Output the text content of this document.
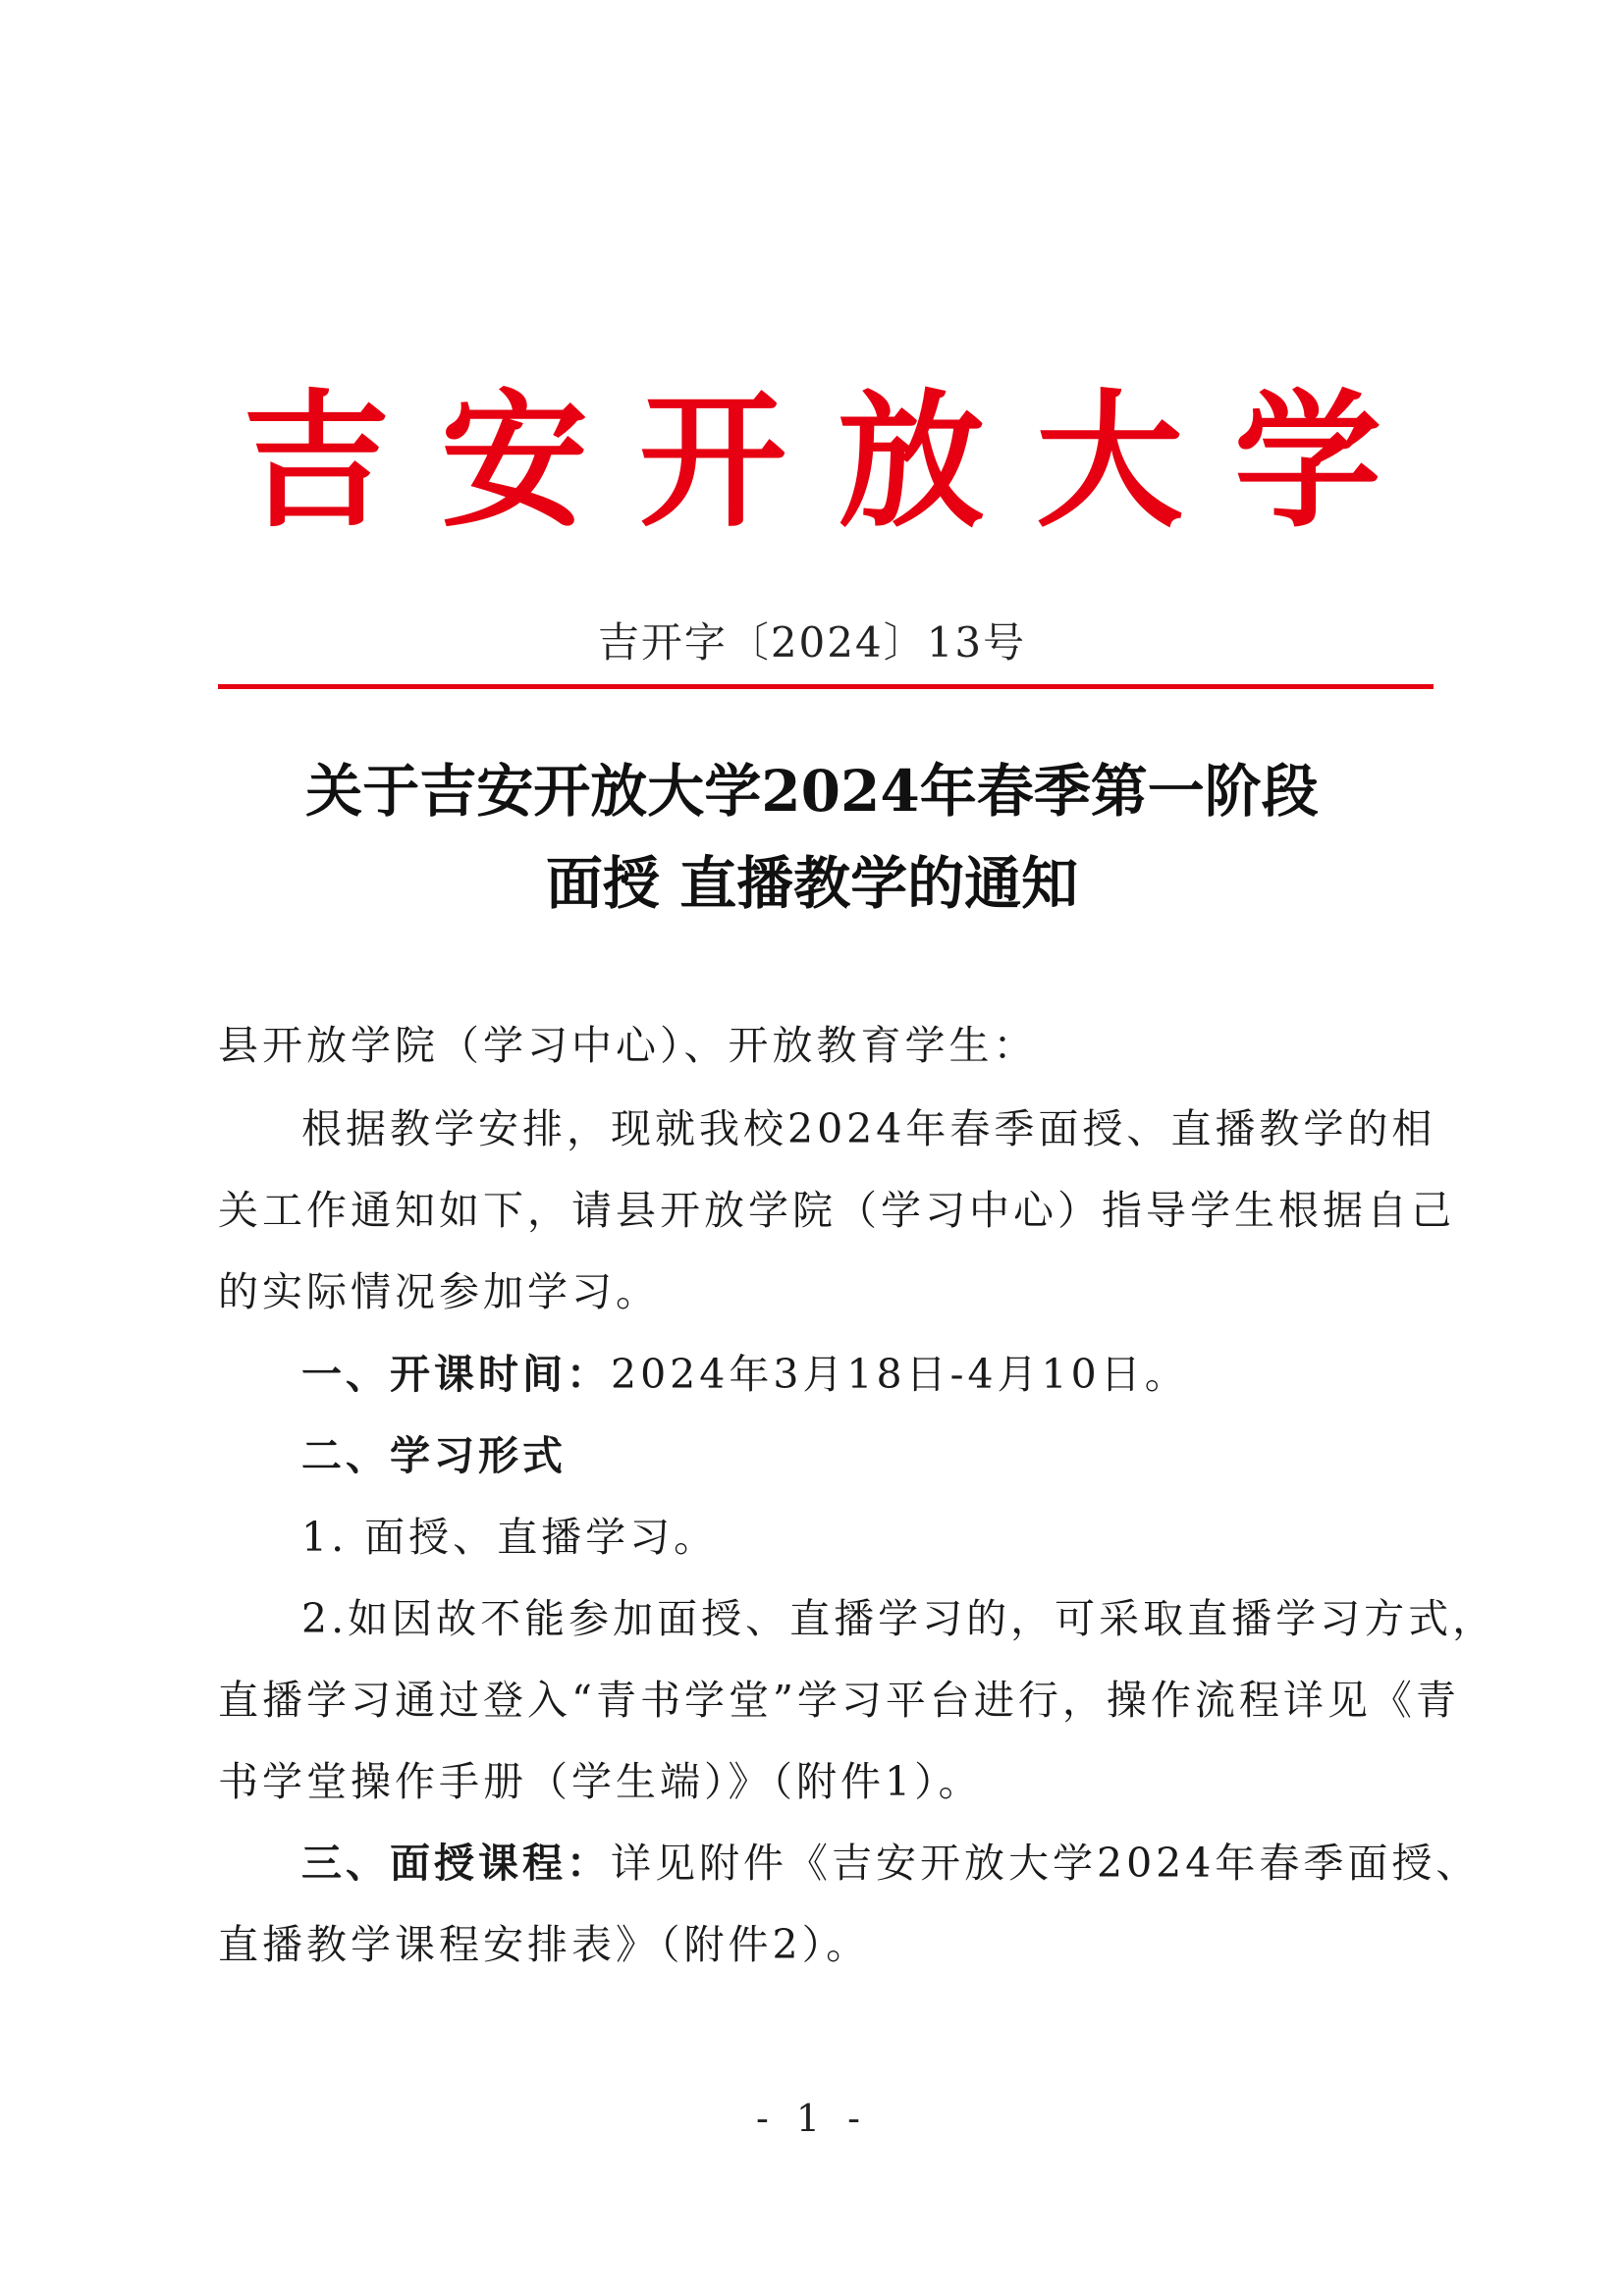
吉安开放大学
吉开字〔2024〕13号
关于吉安开放大学2024年春季第一阶段
面授 直播教学的通知
县开放学院（学习中心）、开放教育学生：
根据教学安排，现就我校2024年春季面授、直播教学的相
关工作通知如下，请县开放学院（学习中心）指导学生根据自己
的实际情况参加学习。
一、开课时间：2024年3月18日-4月10日。
二、学习形式
1. 面授、直播学习。
2.如因故不能参加面授、直播学习的，可采取直播学习方式，
直播学习通过登入“青书学堂”学习平台进行，操作流程详见《青
书学堂操作手册（学生端）》（附件1）。
三、面授课程：详见附件《吉安开放大学2024年春季面授、
直播教学课程安排表》（附件2）。
- 1 -
